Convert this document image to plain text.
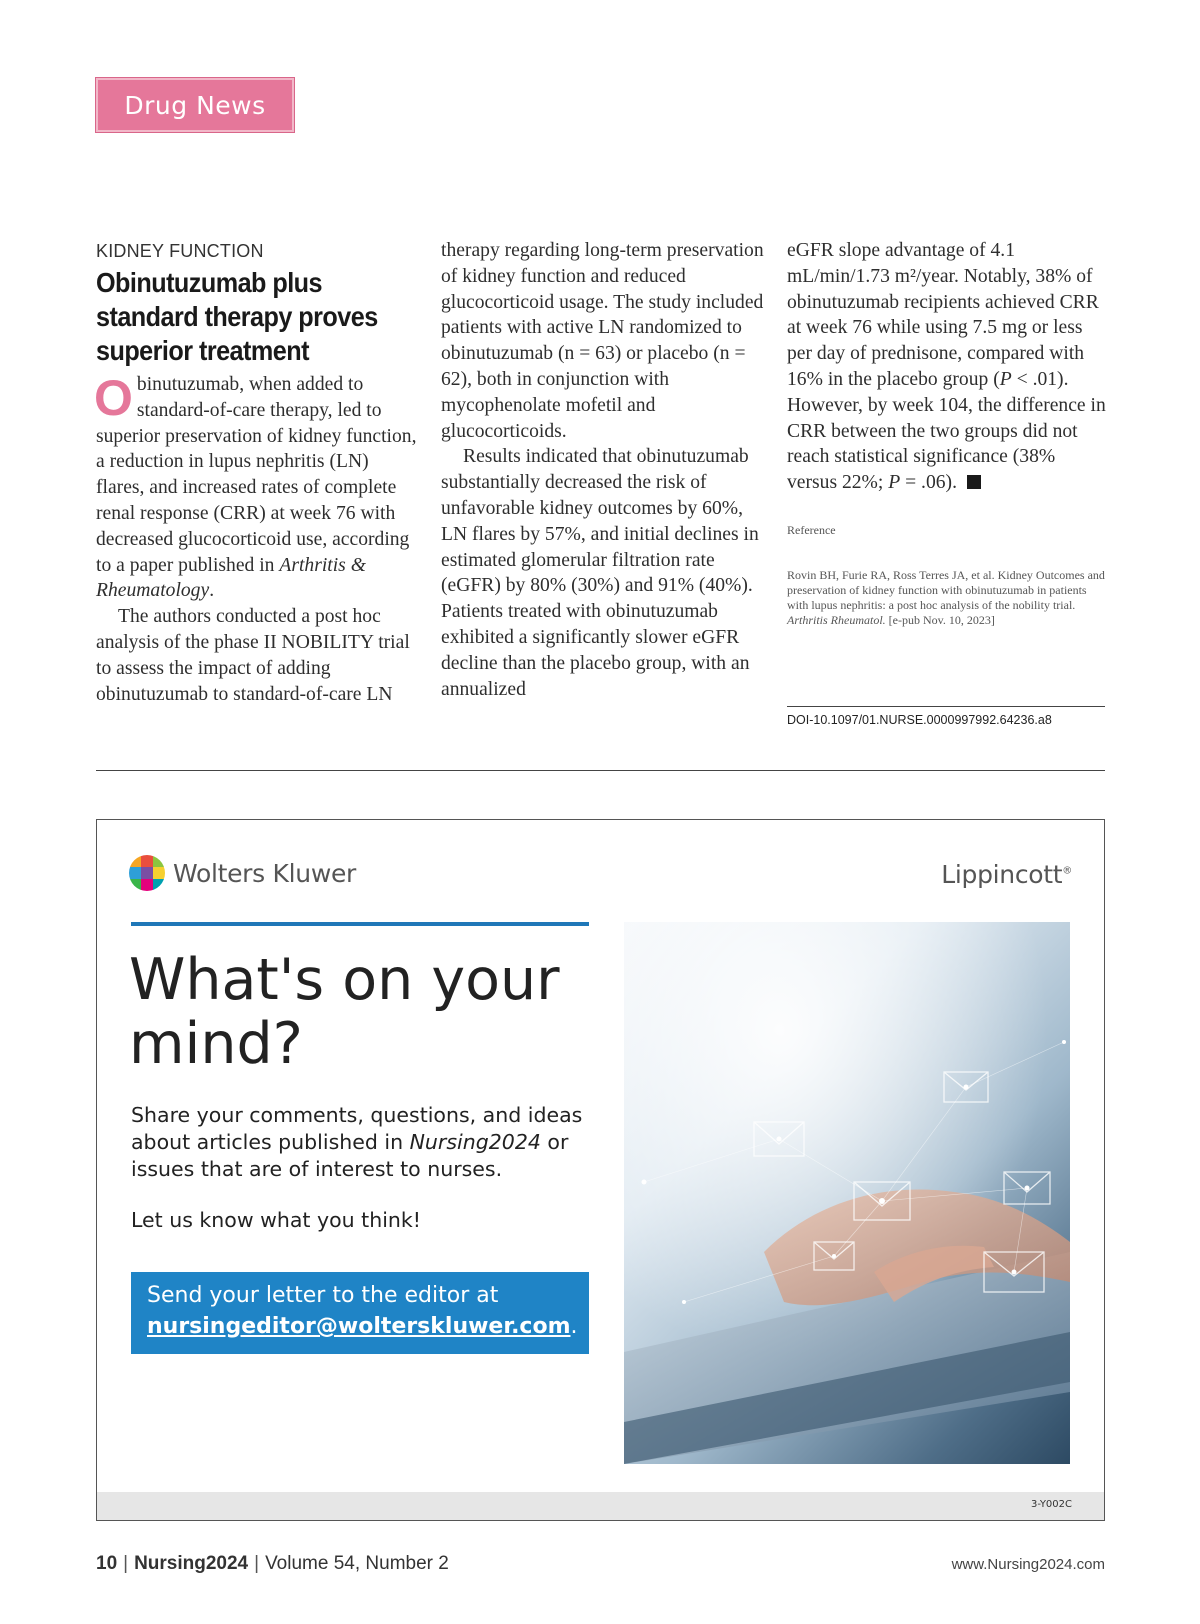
Drug News
KIDNEY FUNCTION
Obinutuzumab plus standard therapy proves superior treatment

Obinutuzumab, when added to standard-of-care therapy, led to superior preservation of kidney function, a reduction in lupus nephritis (LN) flares, and increased rates of complete renal response (CRR) at week 76 with decreased glucocorticoid use, according to a paper published in Arthritis & Rheumatology.

The authors conducted a post hoc analysis of the phase II NOBILITY trial to assess the impact of adding obinutuzumab to standard-of-care LN

therapy regarding long-term preservation of kidney function and reduced glucocorticoid usage. The study included patients with active LN randomized to obinutuzumab (n = 63) or placebo (n = 62), both in conjunction with mycophenolate mofetil and glucocorticoids.

Results indicated that obinutuzumab substantially decreased the risk of unfavorable kidney outcomes by 60%, LN flares by 57%, and initial declines in estimated glomerular filtration rate (eGFR) by 80% (30%) and 91% (40%). Patients treated with obinutuzumab exhibited a significantly slower eGFR decline than the placebo group, with an annualized

eGFR slope advantage of 4.1 mL/min/1.73 m²/year. Notably, 38% of obinutuzumab recipients achieved CRR at week 76 while using 7.5 mg or less per day of prednisone, compared with 16% in the placebo group (P < .01). However, by week 104, the difference in CRR between the two groups did not reach statistical significance (38% versus 22%; P = .06).

Reference
Rovin BH, Furie RA, Ross Terres JA, et al. Kidney Outcomes and preservation of kidney function with obinutuzumab in patients with lupus nephritis: a post hoc analysis of the nobility trial. Arthritis Rheumatol. [e-pub Nov. 10, 2023]
DOI-10.1097/01.NURSE.0000997992.64236.a8
Wolters Kluwer	Lippincott®
What's on your mind?

Share your comments, questions, and ideas about articles published in Nursing2024 or issues that are of interest to nurses.

Let us know what you think!
Send your letter to the editor at
nursingeditor@wolterskluwer.com.
3-Y002C
10 | Nursing2024 | Volume 54, Number 2	www.Nursing2024.com
